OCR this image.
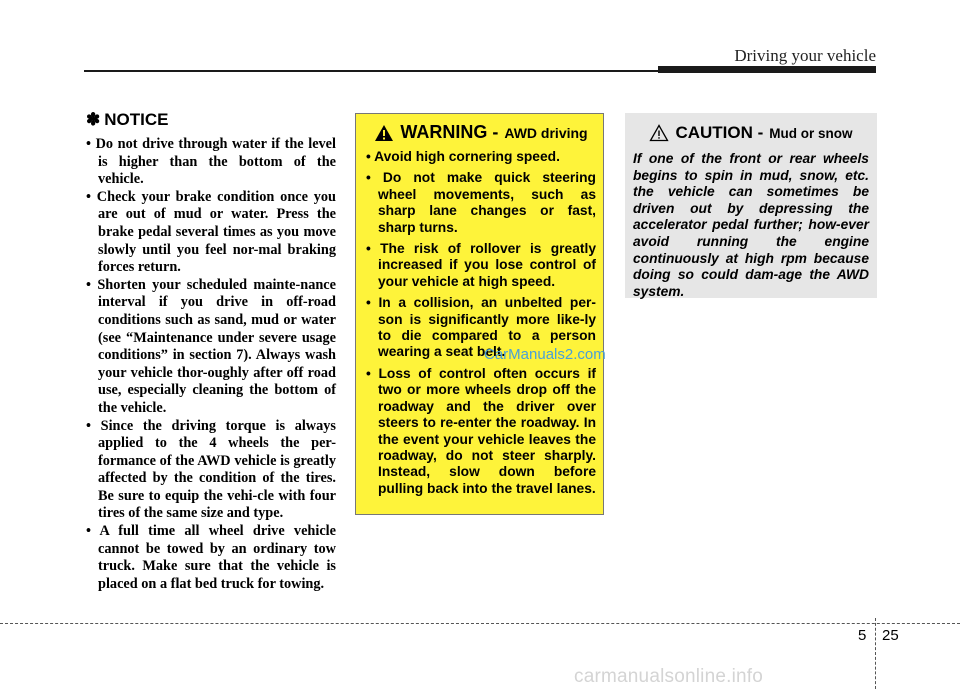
Driving your vehicle
✽ NOTICE
• Do not drive through water if the level is higher than the bottom of the vehicle.
• Check your brake condition once you are out of mud or water. Press the brake pedal several times as you move slowly until you feel nor-mal braking forces return.
• Shorten your scheduled mainte-nance interval if you drive in off-road conditions such as sand, mud or water (see “Maintenance under severe usage conditions” in section 7). Always wash your vehicle thor-oughly after off road use, especially cleaning the bottom of the vehicle.
• Since the driving torque is always applied to the 4 wheels the per-formance of the AWD vehicle is greatly affected by the condition of the tires. Be sure to equip the vehi-cle with four tires of the same size and type.
• A full time all wheel drive vehicle cannot be towed by an ordinary tow truck. Make sure that the vehicle is placed on a flat bed truck for towing.
WARNING - AWD driving
• Avoid high cornering speed.
• Do not make quick steering wheel movements, such as sharp lane changes or fast, sharp turns.
• The risk of rollover is greatly increased if you lose control of your vehicle at high speed.
• In a collision, an unbelted per-son is significantly more like-ly to die compared to a person wearing a seat belt.
• Loss of control often occurs if two or more wheels drop off the roadway and the driver over steers to re-enter the roadway. In the event your vehicle leaves the roadway, do not steer sharply. Instead, slow down before pulling back into the travel lanes.
CAUTION - Mud or snow

If one of the front or rear wheels begins to spin in mud, snow, etc. the vehicle can sometimes be driven out by depressing the accelerator pedal further; how-ever avoid running the engine continuously at high rpm because doing so could dam-age the AWD system.

CarManuals2.com
5 25
carmanualsonline.info
